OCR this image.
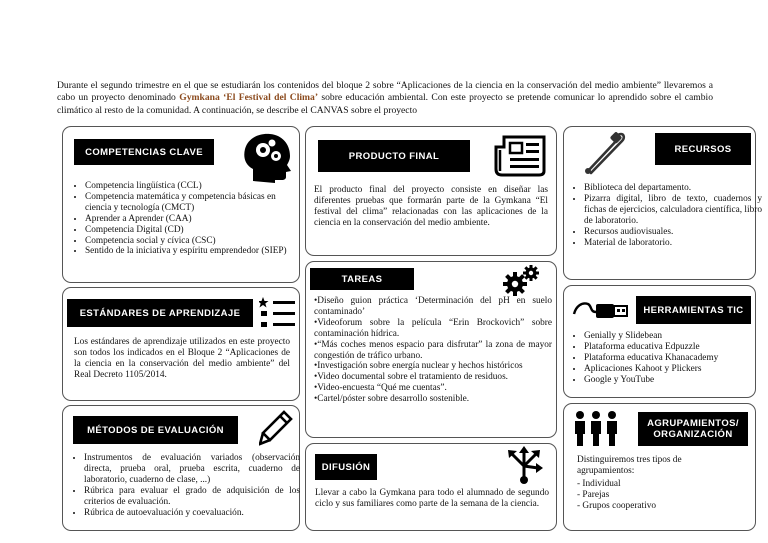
Durante el segundo trimestre en el que se estudiarán los contenidos del bloque 2 sobre “Aplicaciones de la ciencia en la conservación del medio ambiente” llevaremos a cabo un proyecto denominado Gymkana ‘El Festival del Clima’ sobre educación ambiental. Con este proyecto se pretende comunicar lo aprendido sobre el cambio climático al resto de la comunidad. A continuación, se describe el CANVAS sobre el proyecto
COMPETENCIAS CLAVE
• Competencia lingüística (CCL)
• Competencia matemática y competencia básicas en ciencia y tecnología (CMCT)
• Aprender a Aprender (CAA)
• Competencia Digital (CD)
• Competencia social y cívica (CSC)
• Sentido de la iniciativa y espíritu emprendedor (SIEP)
ESTÁNDARES DE APRENDIZAJE
Los estándares de aprendizaje utilizados en este proyecto son todos los indicados en el Bloque 2 “Aplicaciones de la ciencia en la conservación del medio ambiente” del Real Decreto 1105/2014.
MÉTODOS DE EVALUACIÓN
• Instrumentos de evaluación variados (observación directa, prueba oral, prueba escrita, cuaderno de laboratorio, cuaderno de clase, ...)
• Rúbrica para evaluar el grado de adquisición de los criterios de evaluación.
• Rúbrica de autoevaluación y coevaluación.
PRODUCTO FINAL
El producto final del proyecto consiste en diseñar las diferentes pruebas que formarán parte de la Gymkana “El festival del clima” relacionadas con las aplicaciones de la ciencia en la conservación del medio ambiente.
TAREAS
• Diseño guion práctica ‘Determinación del pH en suelo contaminado’
• Videoforum sobre la película “Erin Brockovich” sobre contaminación hídrica.
• “Más coches menos espacio para disfrutar” la zona de mayor congestión de tráfico urbano.
• Investigación sobre energía nuclear y hechos históricos
• Video documental sobre el tratamiento de residuos.
• Video-encuesta “Qué me cuentas”.
• Cartel/póster sobre desarrollo sostenible.
DIFUSIÓN
Llevar a cabo la Gymkana para todo el alumnado de segundo ciclo y sus familiares como parte de la semana de la ciencia.
RECURSOS
• Biblioteca del departamento.
• Pizarra digital, libro de texto, cuadernos y fichas de ejercicios, calculadora científica, libro de laboratorio.
• Recursos audiovisuales.
• Material de laboratorio.
HERRAMIENTAS TIC
• Genially y Slidebean
• Plataforma educativa Edpuzzle
• Plataforma educativa Khanacademy
• Aplicaciones Kahoot y Plickers
• Google y YouTube
AGRUPAMIENTOS/ ORGANIZACIÓN
Distinguiremos tres tipos de agrupamientos:
- Individual
- Parejas
- Grupos cooperativo
